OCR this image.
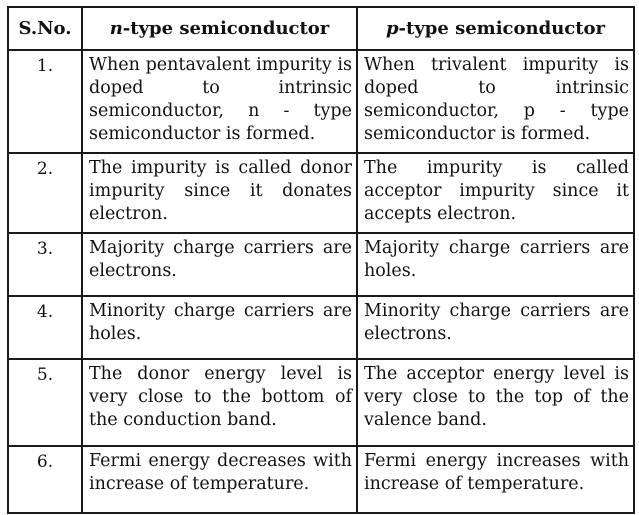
S.No.	n-type semiconductor	p-type semiconductor
1.	When pentavalent impurity is doped to intrinsic semiconductor, n - type semiconductor is formed.	When trivalent impurity is doped to intrinsic semiconductor, p - type semiconductor is formed.
2.	The impurity is called donor impurity since it donates electron.	The impurity is called acceptor impurity since it accepts electron.
3.	Majority charge carriers are electrons.	Majority charge carriers are holes.
4.	Minority charge carriers are holes.	Minority charge carriers are electrons.
5.	The donor energy level is very close to the bottom of the conduction band.	The acceptor energy level is very close to the top of the valence band.
6.	Fermi energy decreases with increase of temperature.	Fermi energy increases with increase of temperature.
